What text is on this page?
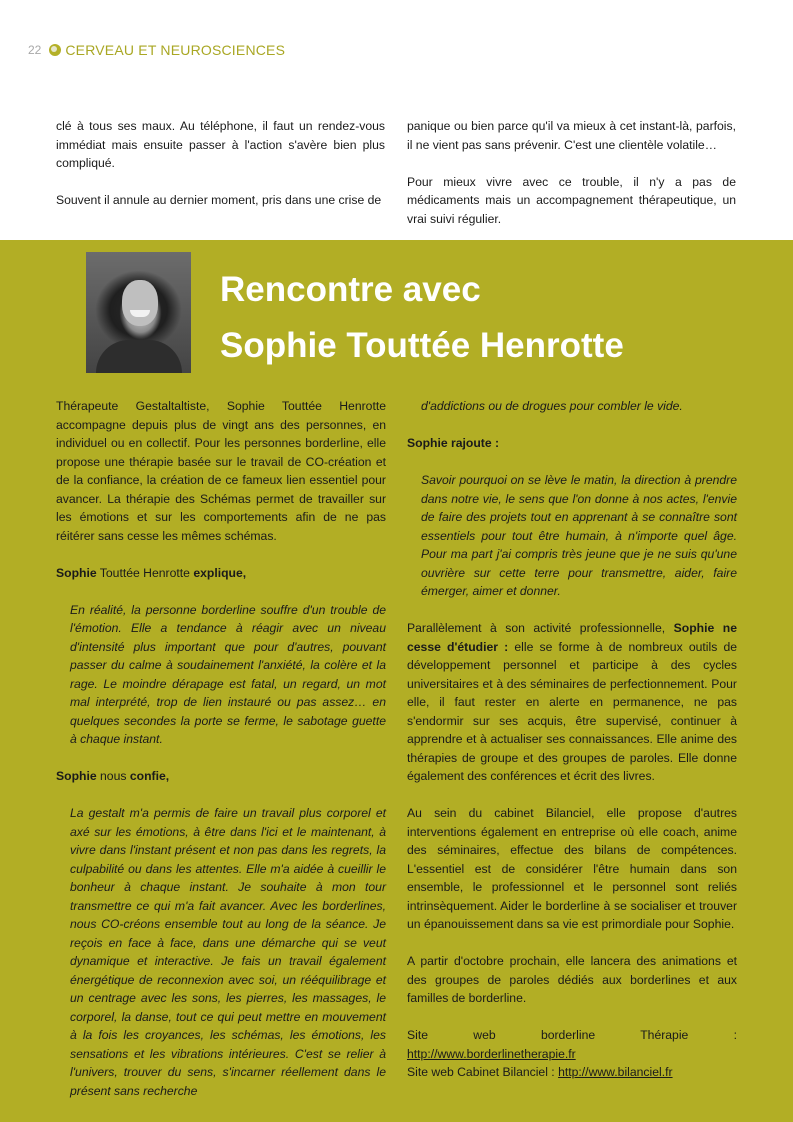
22 CERVEAU ET NEUROSCIENCES

clé à tous ses maux. Au téléphone, il faut un rendez-vous immédiat mais ensuite passer à l'action s'avère bien plus compliqué.

Souvent il annule au dernier moment, pris dans une crise de

panique ou bien parce qu'il va mieux à cet instant-là, parfois, il ne vient pas sans prévenir. C'est une clientèle volatile…

Pour mieux vivre avec ce trouble, il n'y a pas de médicaments mais un accompagnement thérapeutique, un vrai suivi régulier.

Rencontre avec
Sophie Touttée Henrotte

Thérapeute Gestaltaltiste, Sophie Touttée Henrotte accompagne depuis plus de vingt ans des personnes, en individuel ou en collectif. Pour les personnes borderline, elle propose une thérapie basée sur le travail de CO-création et de la confiance, la création de ce fameux lien essentiel pour avancer. La thérapie des Schémas permet de travailler sur les émotions et sur les comportements afin de ne pas réitérer sans cesse les mêmes schémas.

Sophie Touttée Henrotte explique,

En réalité, la personne borderline souffre d'un trouble de l'émotion. Elle a tendance à réagir avec un niveau d'intensité plus important que pour d'autres, pouvant passer du calme à soudainement l'anxiété, la colère et la rage. Le moindre dérapage est fatal, un regard, un mot mal interprété, trop de lien instauré ou pas assez… en quelques secondes la porte se ferme, le sabotage guette à chaque instant.

Sophie nous confie,

La gestalt m'a permis de faire un travail plus corporel et axé sur les émotions, à être dans l'ici et le maintenant, à vivre dans l'instant présent et non pas dans les regrets, la culpabilité ou dans les attentes. Elle m'a aidée à cueillir le bonheur à chaque instant. Je souhaite à mon tour transmettre ce qui m'a fait avancer. Avec les borderlines, nous CO-créons ensemble tout au long de la séance. Je reçois en face à face, dans une démarche qui se veut dynamique et interactive. Je fais un travail également énergétique de reconnexion avec soi, un rééquilibrage et un centrage avec les sons, les pierres, les massages, le corporel, la danse, tout ce qui peut mettre en mouvement à la fois les croyances, les schémas, les émotions, les sensations et les vibrations intérieures. C'est se relier à l'univers, trouver du sens, s'incarner réellement dans le présent sans recherche

d'addictions ou de drogues pour combler le vide.

Sophie rajoute :

Savoir pourquoi on se lève le matin, la direction à prendre dans notre vie, le sens que l'on donne à nos actes, l'envie de faire des projets tout en apprenant à se connaître sont essentiels pour tout être humain, à n'importe quel âge. Pour ma part j'ai compris très jeune que je ne suis qu'une ouvrière sur cette terre pour transmettre, aider, faire émerger, aimer et donner.

Parallèlement à son activité professionnelle, Sophie ne cesse d'étudier : elle se forme à de nombreux outils de développement personnel et participe à des cycles universitaires et à des séminaires de perfectionnement. Pour elle, il faut rester en alerte en permanence, ne pas s'endormir sur ses acquis, être supervisé, continuer à apprendre et à actualiser ses connaissances. Elle anime des thérapies de groupe et des groupes de paroles. Elle donne également des conférences et écrit des livres.

Au sein du cabinet Bilanciel, elle propose d'autres interventions également en entreprise où elle coach, anime des séminaires, effectue des bilans de compétences. L'essentiel est de considérer l'être humain dans son ensemble, le professionnel et le personnel sont reliés intrinsèquement. Aider le borderline à se socialiser et trouver un épanouissement dans sa vie est primordiale pour Sophie.

A partir d'octobre prochain, elle lancera des animations et des groupes de paroles dédiés aux borderlines et aux familles de borderline.

Site web borderline Thérapie : http://www.borderlinetherapie.fr
Site web Cabinet Bilanciel : http://www.bilanciel.fr
